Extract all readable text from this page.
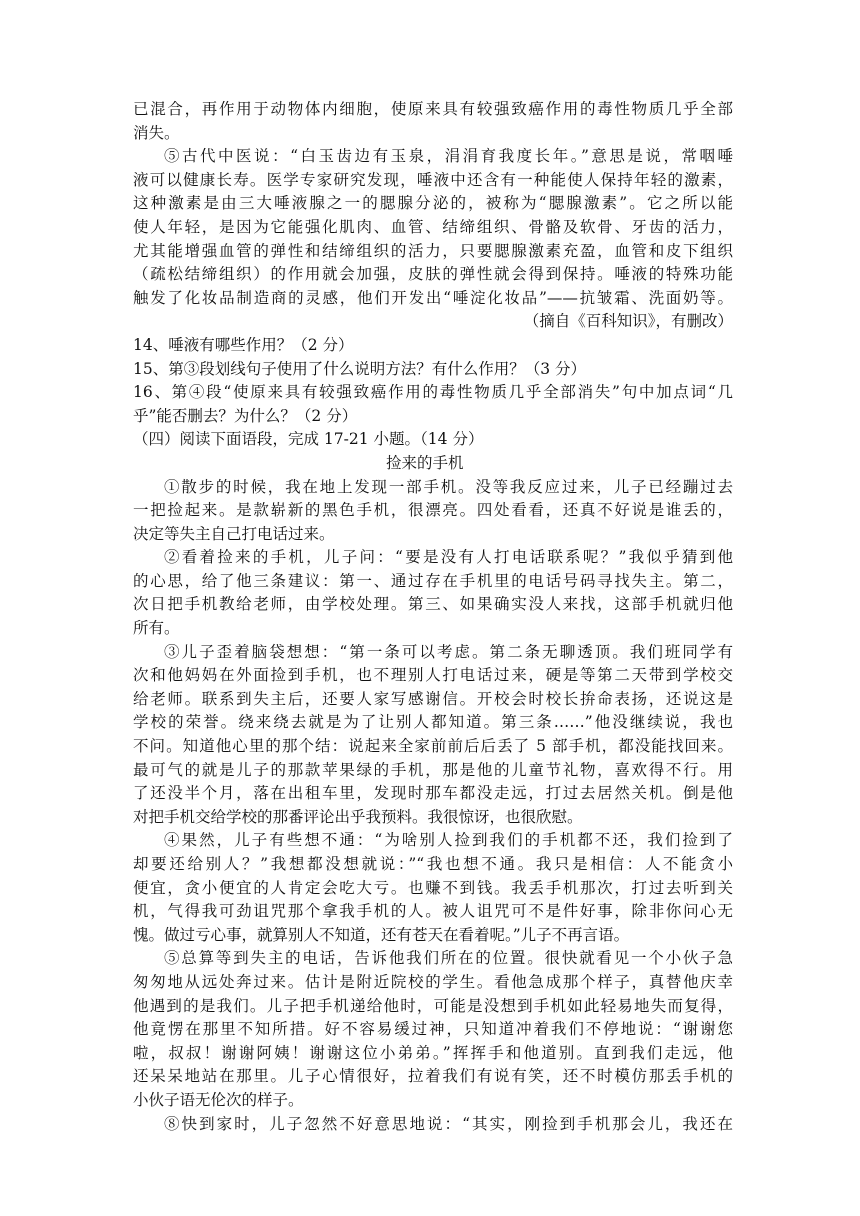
已混合，再作用于动物体内细胞，使原来具有较强致癌作用的毒性物质几乎全部
消失。
⑤古代中医说：“白玉齿边有玉泉，涓涓育我度长年。”意思是说，常咽唾
液可以健康长寿。医学专家研究发现，唾液中还含有一种能使人保持年轻的激素，
这种激素是由三大唾液腺之一的腮腺分泌的，被称为“腮腺激素”。它之所以能
使人年轻，是因为它能强化肌肉、血管、结缔组织、骨骼及软骨、牙齿的活力，
尤其能增强血管的弹性和结缔组织的活力，只要腮腺激素充盈，血管和皮下组织
（疏松结缔组织）的作用就会加强，皮肤的弹性就会得到保持。唾液的特殊功能
触发了化妆品制造商的灵感，他们开发出“唾淀化妆品”——抗皱霜、洗面奶等。
（摘自《百科知识》，有删改）
14、唾液有哪些作用？（2 分）
15、第③段划线句子使用了什么说明方法？有什么作用？（3 分）
16、第④段“使原来具有较强致癌作用的毒性物质几乎全部消失”句中加点词“几
乎”能否删去？为什么？（2 分）
（四）阅读下面语段，完成 17-21 小题。（14 分）
捡来的手机
①散步的时候，我在地上发现一部手机。没等我反应过来，儿子已经蹦过去
一把捡起来。是款崭新的黑色手机，很漂亮。四处看看，还真不好说是谁丢的，
决定等失主自己打电话过来。
②看着捡来的手机，儿子问：“要是没有人打电话联系呢？”我似乎猜到他
的心思，给了他三条建议：第一、通过存在手机里的电话号码寻找失主。第二，
次日把手机教给老师，由学校处理。第三、如果确实没人来找，这部手机就归他
所有。
③儿子歪着脑袋想想：“第一条可以考虑。第二条无聊透顶。我们班同学有
次和他妈妈在外面捡到手机，也不理别人打电话过来，硬是等第二天带到学校交
给老师。联系到失主后，还要人家写感谢信。开校会时校长拚命表扬，还说这是
学校的荣誉。绕来绕去就是为了让别人都知道。第三条……”他没继续说，我也
不问。知道他心里的那个结：说起来全家前前后后丢了 5 部手机，都没能找回来。
最可气的就是儿子的那款苹果绿的手机，那是他的儿童节礼物，喜欢得不行。用
了还没半个月，落在出租车里，发现时那车都没走远，打过去居然关机。倒是他
对把手机交给学校的那番评论出乎我预料。我很惊讶，也很欣慰。
④果然，儿子有些想不通：“为啥别人捡到我们的手机都不还，我们捡到了
却要还给别人？”我想都没想就说：”“我也想不通。我只是相信：人不能贪小
便宜，贪小便宜的人肯定会吃大亏。也赚不到钱。我丢手机那次，打过去听到关
机，气得我可劲诅咒那个拿我手机的人。被人诅咒可不是件好事，除非你问心无
愧。做过亏心事，就算别人不知道，还有苍天在看着呢。”儿子不再言语。
⑤总算等到失主的电话，告诉他我们所在的位置。很快就看见一个小伙子急
匆匆地从远处奔过来。估计是附近院校的学生。看他急成那个样子，真替他庆幸
他遇到的是我们。儿子把手机递给他时，可能是没想到手机如此轻易地失而复得，
他竟愣在那里不知所措。好不容易缓过神，只知道冲着我们不停地说：“谢谢您
啦，叔叔！谢谢阿姨！谢谢这位小弟弟。”挥挥手和他道别。直到我们走远，他
还呆呆地站在那里。儿子心情很好，拉着我们有说有笑，还不时模仿那丢手机的
小伙子语无伦次的样子。
⑧快到家时，儿子忽然不好意思地说：“其实，刚捡到手机那会儿，我还在
